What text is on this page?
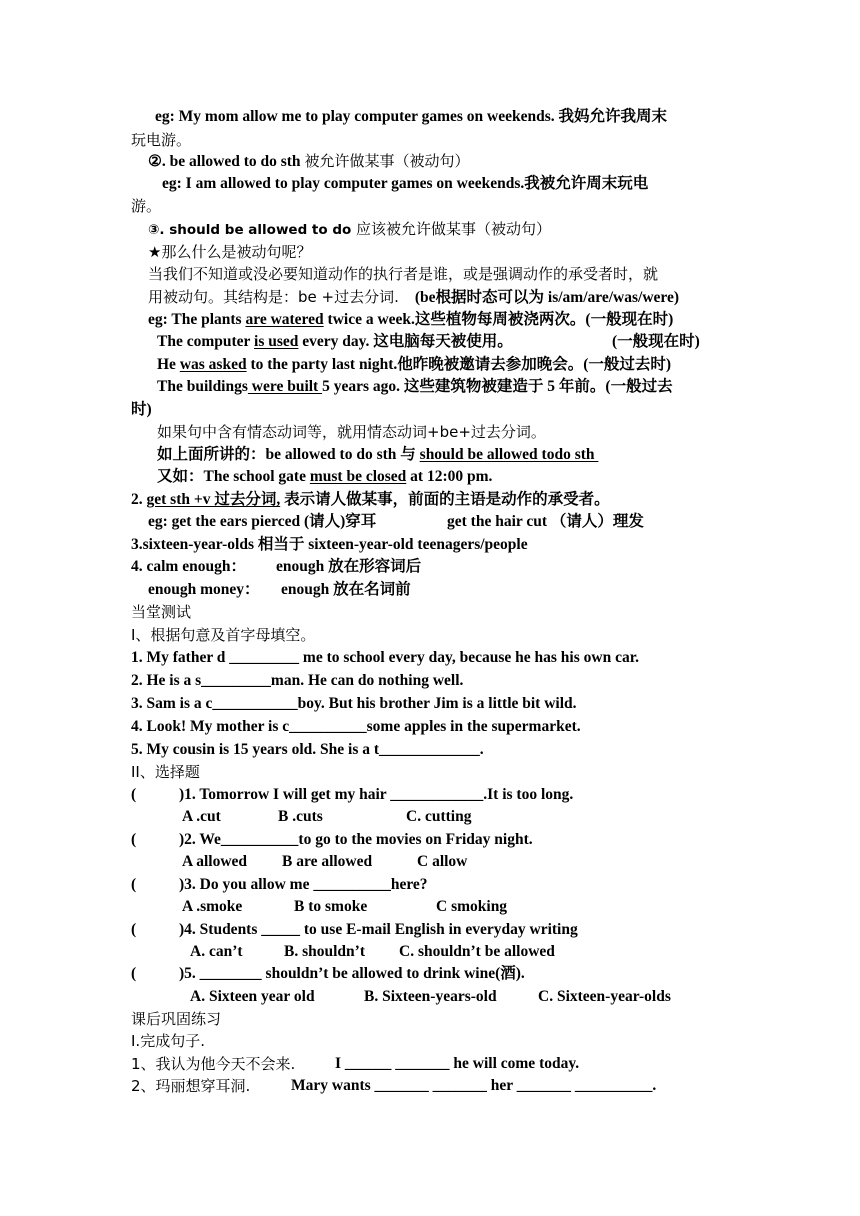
eg: My mom allow me to play computer games on weekends. 我妈允许我周末
玩电游。
②. be allowed to do sth 被允许做某事（被动句）
eg: I am allowed to play computer games on weekends.我被允许周末玩电
游。
③. should be allowed to do 应该被允许做某事（被动句）
★那么什么是被动句呢？
当我们不知道或没必要知道动作的执行者是谁，或是强调动作的承受者时，就
用被动句。其结构是：be +过去分词. (be根据时态可以为 is/am/are/was/were)
eg: The plants are watered twice a week.这些植物每周被浇两次。(一般现在时)
The computer is used every day. 这电脑每天被使用。	(一般现在时)
He was asked to the party last night.他昨晚被邀请去参加晚会。(一般过去时)
The buildings were built 5 years ago. 这些建筑物被建造于 5 年前。(一般过去
时)
如果句中含有情态动词等，就用情态动词+be+过去分词。
如上面所讲的：be allowed to do sth 与 should be allowed todo sth
又如：The school gate must be closed at 12:00 pm.
2. get sth +v 过去分词, 表示请人做某事，前面的主语是动作的承受者。
eg: get the ears pierced (请人)穿耳	get the hair cut （请人）理发
3.sixteen-year-olds 相当于 sixteen-year-old teenagers/people
4. calm enough： enough 放在形容词后
enough money： enough 放在名词前
当堂测试
I、根据句意及首字母填空。
1. My father d _________ me to school every day, because he has his own car.
2. He is a s_________man. He can do nothing well.
3. Sam is a c___________boy. But his brother Jim is a little bit wild.
4. Look! My mother is c__________some apples in the supermarket.
5. My cousin is 15 years old. She is a t_____________.
II、选择题
(	)1. Tomorrow I will get my hair ____________.It is too long.
A .cut	B .cuts	C. cutting
(	)2. We__________to go to the movies on Friday night.
A allowed B are allowed	C allow
(	)3. Do you allow me __________here?
A .smoke	B to smoke	C smoking
(	)4. Students _____ to use E-mail English in everyday writing
A. can’t	B. shouldn’t C. shouldn’t be allowed
(	)5. ________ shouldn’t be allowed to drink wine(酒).
A. Sixteen year old	B. Sixteen-years-old	C. Sixteen-year-olds
课后巩固练习
I.完成句子.
1、我认为他今天不会来.	I ______ _______ he will come today.
2、玛丽想穿耳洞.	Mary wants _______ _______ her _______ __________.
